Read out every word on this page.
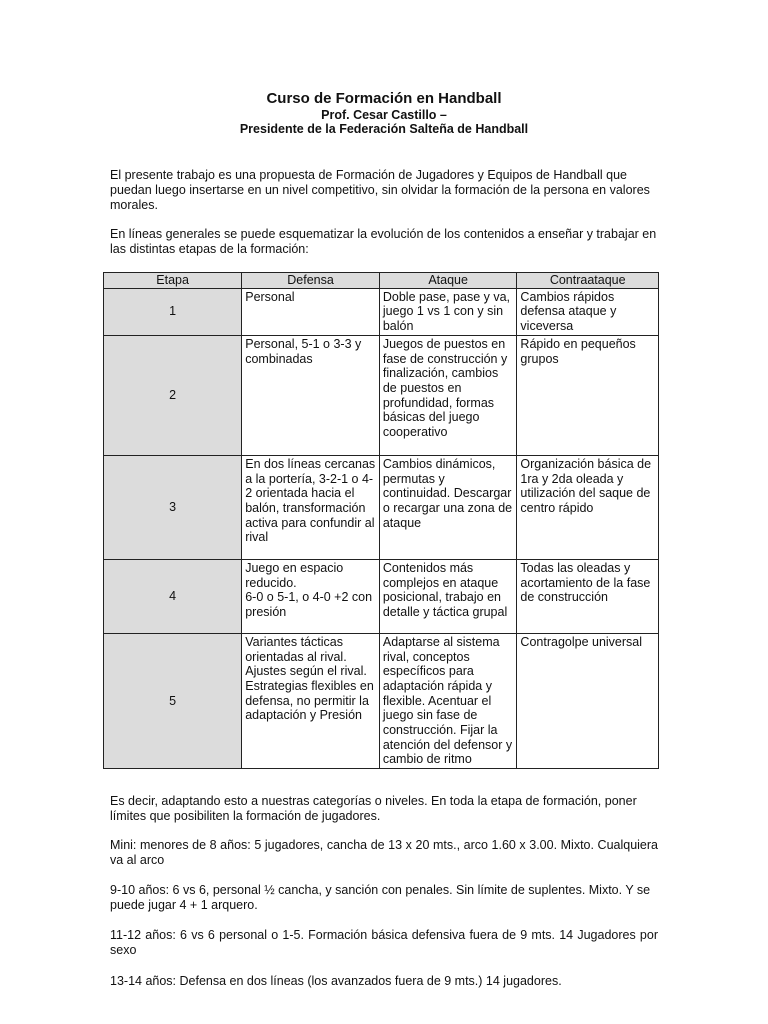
Curso de Formación en Handball
Prof. Cesar Castillo –
Presidente de la Federación Salteña de Handball

El presente trabajo es una propuesta de Formación de Jugadores y Equipos de Handball que puedan luego insertarse en un nivel competitivo, sin olvidar la formación de la persona en valores morales.

En líneas generales se puede esquematizar la evolución de los contenidos a enseñar y trabajar en las distintas etapas de la formación:

Etapa	Defensa	Ataque	Contraataque
1	Personal	Doble pase, pase y va, juego 1 vs 1 con y sin balón	Cambios rápidos defensa ataque y viceversa
2	Personal, 5-1 o 3-3 y combinadas	Juegos de puestos en fase de construcción y finalización, cambios de puestos en profundidad, formas básicas del juego cooperativo	Rápido en pequeños grupos
3	En dos líneas cercanas a la portería, 3-2-1 o 4-2 orientada hacia el balón, transformación activa para confundir al rival	Cambios dinámicos, permutas y continuidad. Descargar o recargar una zona de ataque	Organización básica de 1ra y 2da oleada y utilización del saque de centro rápido
4	Juego en espacio reducido.
6-0 o 5-1, o 4-0 +2 con presión	Contenidos más complejos en ataque posicional, trabajo en detalle y táctica grupal	Todas las oleadas y acortamiento de la fase de construcción
5	Variantes tácticas orientadas al rival. Ajustes según el rival. Estrategias flexibles en defensa, no permitir la adaptación y Presión	Adaptarse al sistema rival, conceptos específicos para adaptación rápida y flexible. Acentuar el juego sin fase de construcción. Fijar la atención del defensor y cambio de ritmo	Contragolpe universal

Es decir, adaptando esto a nuestras categorías o niveles. En toda la etapa de formación, poner límites que posibiliten la formación de jugadores.

Mini: menores de 8 años: 5 jugadores, cancha de 13 x 20 mts., arco 1.60 x 3.00. Mixto. Cualquiera va al arco

9-10 años: 6 vs 6, personal ½ cancha, y sanción con penales. Sin límite de suplentes. Mixto. Y se puede jugar 4 + 1 arquero.

11-12 años: 6 vs 6 personal o 1-5. Formación básica defensiva fuera de 9 mts. 14 Jugadores por sexo

13-14 años: Defensa en dos líneas (los avanzados fuera de 9 mts.) 14 jugadores.
